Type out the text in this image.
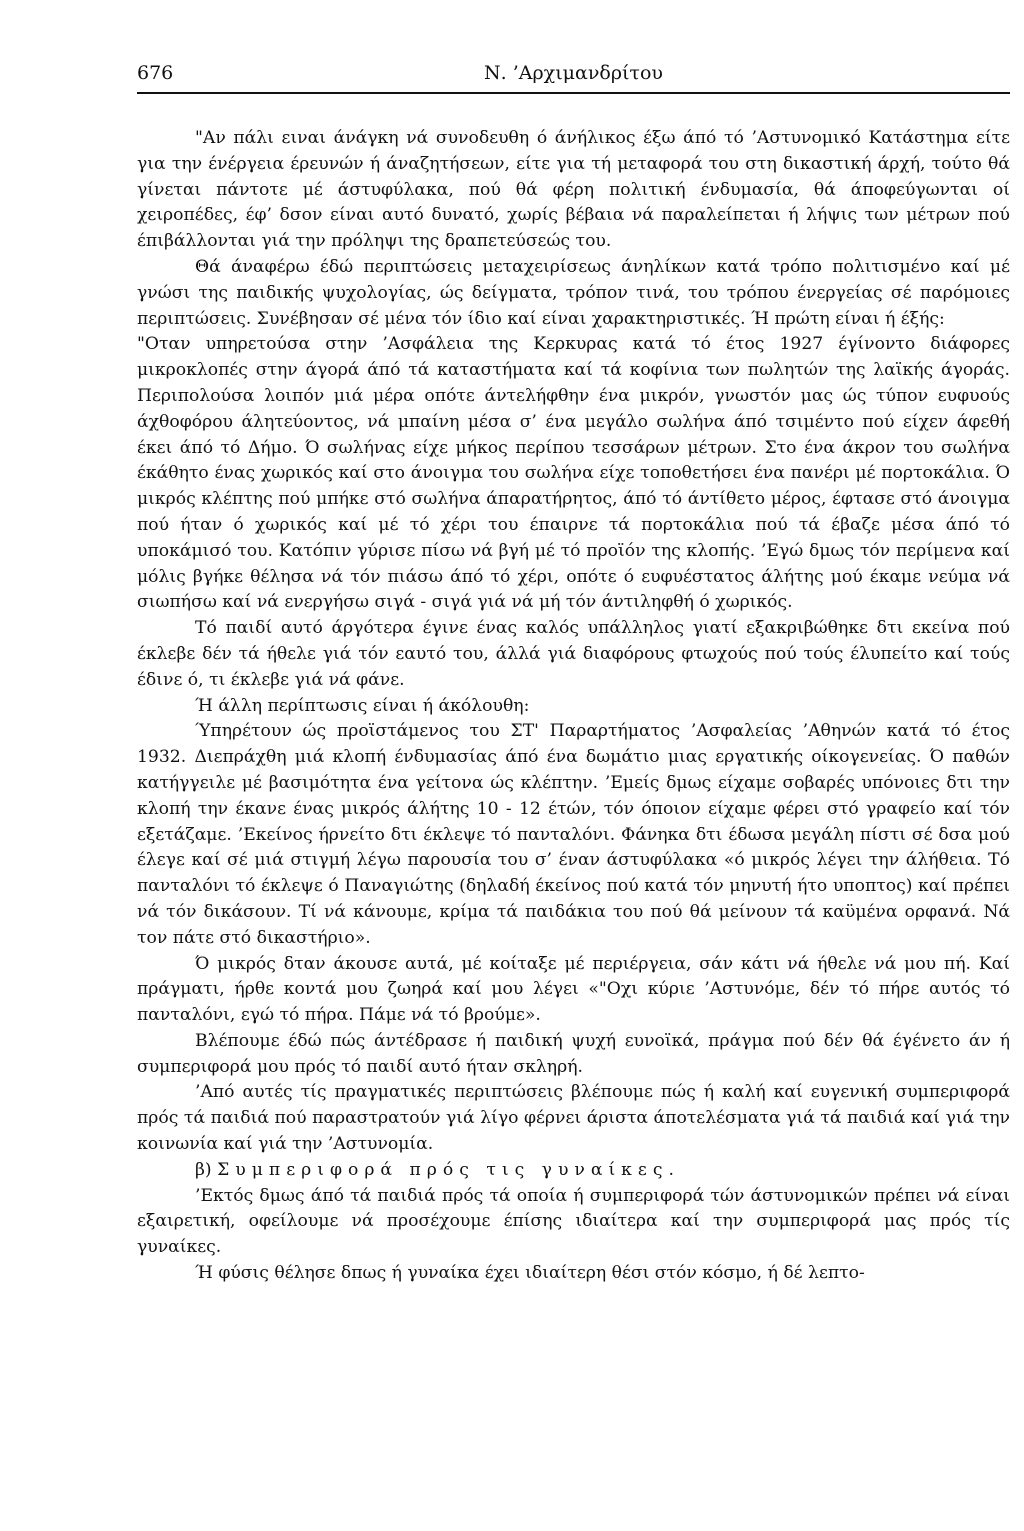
676	Ν. ’Αρχιμανδρίτου

"Αν πάλι ειναι άνάγκη νά συνοδευθη ό άνήλικος έξω άπό τό ’Αστυνομικό Κατάστημα είτε για την ένέργεια έρευνών ή άναζητήσεων, είτε για τή μεταφορά του στη δικαστική άρχή, τούτο θά γίνεται πάντοτε μέ άστυφύλακα, πού θά φέρη πολιτική ένδυμασία, θά άποφεύγωνται οί χειροπέδες, έφ’ δσον είναι αυτό δυνατό, χωρίς βέβαια νά παραλείπεται ή λήψις των μέτρων πού έπιβάλλονται γιά την πρόληψι της δραπετεύσεώς του.

Θά άναφέρω έδώ περιπτώσεις μεταχειρίσεως άνηλίκων κατά τρόπο πολιτισμένο καί μέ γνώσι της παιδικής ψυχολογίας, ώς δείγματα, τρόπον τινά, του τρόπου ένεργείας σέ παρόμοιες περιπτώσεις. Συνέβησαν σέ μένα τόν ίδιο καί είναι χαρακτηριστικές. Ή πρώτη είναι ή έξής:

"Οταν υπηρετούσα στην ’Ασφάλεια της Κερκυρας κατά τό έτος 1927 έγίνοντο διάφορες μικροκλοπές στην άγορά άπό τά καταστήματα καί τά κοφίνια των πωλητών της λαϊκής άγοράς. Περιπολούσα λοιπόν μιά μέρα οπότε άντελήφθην ένα μικρόν, γνωστόν μας ώς τύπον ευφυούς άχθοφόρου άλητεύοντος, νά μπαίνη μέσα σ’ ένα μεγάλο σωλήνα άπό τσιμέντο πού είχεν άφεθή έκει άπό τό Δήμο. Ό σωλήνας είχε μήκος περίπου τεσσάρων μέτρων. Στο ένα άκρον του σωλήνα έκάθητο ένας χωρικός καί στο άνοιγμα του σωλήνα είχε τοποθετήσει ένα πανέρι μέ πορτοκάλια. Ό μικρός κλέπτης πού μπήκε στό σωλήνα άπαρατήρητος, άπό τό άντίθετο μέρος, έφτασε στό άνοιγμα πού ήταν ό χωρικός καί μέ τό χέρι του έπαιρνε τά πορτοκάλια πού τά έβαζε μέσα άπό τό υποκάμισό του. Κατόπιν γύρισε πίσω νά βγή μέ τό προϊόν της κλοπής. ’Εγώ δμως τόν περίμενα καί μόλις βγήκε θέλησα νά τόν πιάσω άπό τό χέρι, οπότε ό ευφυέστατος άλήτης μού έκαμε νεύμα νά σιωπήσω καί νά ενεργήσω σιγά - σιγά γιά νά μή τόν άντιληφθή ό χωρικός.

Τό παιδί αυτό άργότερα έγινε ένας καλός υπάλληλος γιατί εξακριβώθηκε δτι εκείνα πού έκλεβε δέν τά ήθελε γιά τόν εαυτό του, άλλά γιά διαφόρους φτωχούς πού τούς έλυπείτο καί τούς έδινε ό, τι έκλεβε γιά νά φάνε.

Ή άλλη περίπτωσις είναι ή άκόλουθη:

Ύπηρέτουν ώς προϊστάμενος του ΣΤ' Παραρτήματος ’Ασφαλείας ’Αθηνών κατά τό έτος 1932. Διεπράχθη μιά κλοπή ένδυμασίας άπό ένα δωμάτιο μιας εργατικής οίκογενείας. Ό παθών κατήγγειλε μέ βασιμότητα ένα γείτονα ώς κλέπτην. ’Εμείς δμως είχαμε σοβαρές υπόνοιες δτι την κλοπή την έκανε ένας μικρός άλήτης 10 - 12 έτών, τόν όποιον είχαμε φέρει στό γραφείο καί τόν εξετάζαμε. ’Εκείνος ήρνείτο δτι έκλεψε τό πανταλόνι. Φάνηκα δτι έδωσα μεγάλη πίστι σέ δσα μού έλεγε καί σέ μιά στιγμή λέγω παρουσία του σ’ έναν άστυφύλακα «ό μικρός λέγει την άλήθεια. Τό πανταλόνι τό έκλεψε ό Παναγιώτης (δηλαδή έκείνος πού κατά τόν μηνυτή ήτο υποπτος) καί πρέπει νά τόν δικάσουν. Τί νά κάνουμε, κρίμα τά παιδάκια του πού θά μείνουν τά καϋμένα ορφανά. Νά τον πάτε στό δικαστήριο».

Ό μικρός δταν άκουσε αυτά, μέ κοίταξε μέ περιέργεια, σάν κάτι νά ήθελε νά μου πή. Καί πράγματι, ήρθε κοντά μου ζωηρά καί μου λέγει «"Οχι κύριε ’Αστυνόμε, δέν τό πήρε αυτός τό πανταλόνι, εγώ τό πήρα. Πάμε νά τό βρούμε».

Βλέπουμε έδώ πώς άντέδρασε ή παιδική ψυχή ευνοϊκά, πράγμα πού δέν θά έγένετο άν ή συμπεριφορά μου πρός τό παιδί αυτό ήταν σκληρή.

’Από αυτές τίς πραγματικές περιπτώσεις βλέπουμε πώς ή καλή καί ευγενική συμπεριφορά πρός τά παιδιά πού παραστρατούν γιά λίγο φέρνει άριστα άποτελέσματα γιά τά παιδιά καί γιά την κοινωνία καί γιά την ’Αστυνομία.

β) Συμπεριφορά πρός τις γυναίκες.

’Εκτός δμως άπό τά παιδιά πρός τά οποία ή συμπεριφορά τών άστυνομικών πρέπει νά είναι εξαιρετική, οφείλουμε νά προσέχουμε έπίσης ιδιαίτερα καί την συμπεριφορά μας πρός τίς γυναίκες.

Ή φύσις θέλησε δπως ή γυναίκα έχει ιδιαίτερη θέσι στόν κόσμο, ή δέ λεπτο-
